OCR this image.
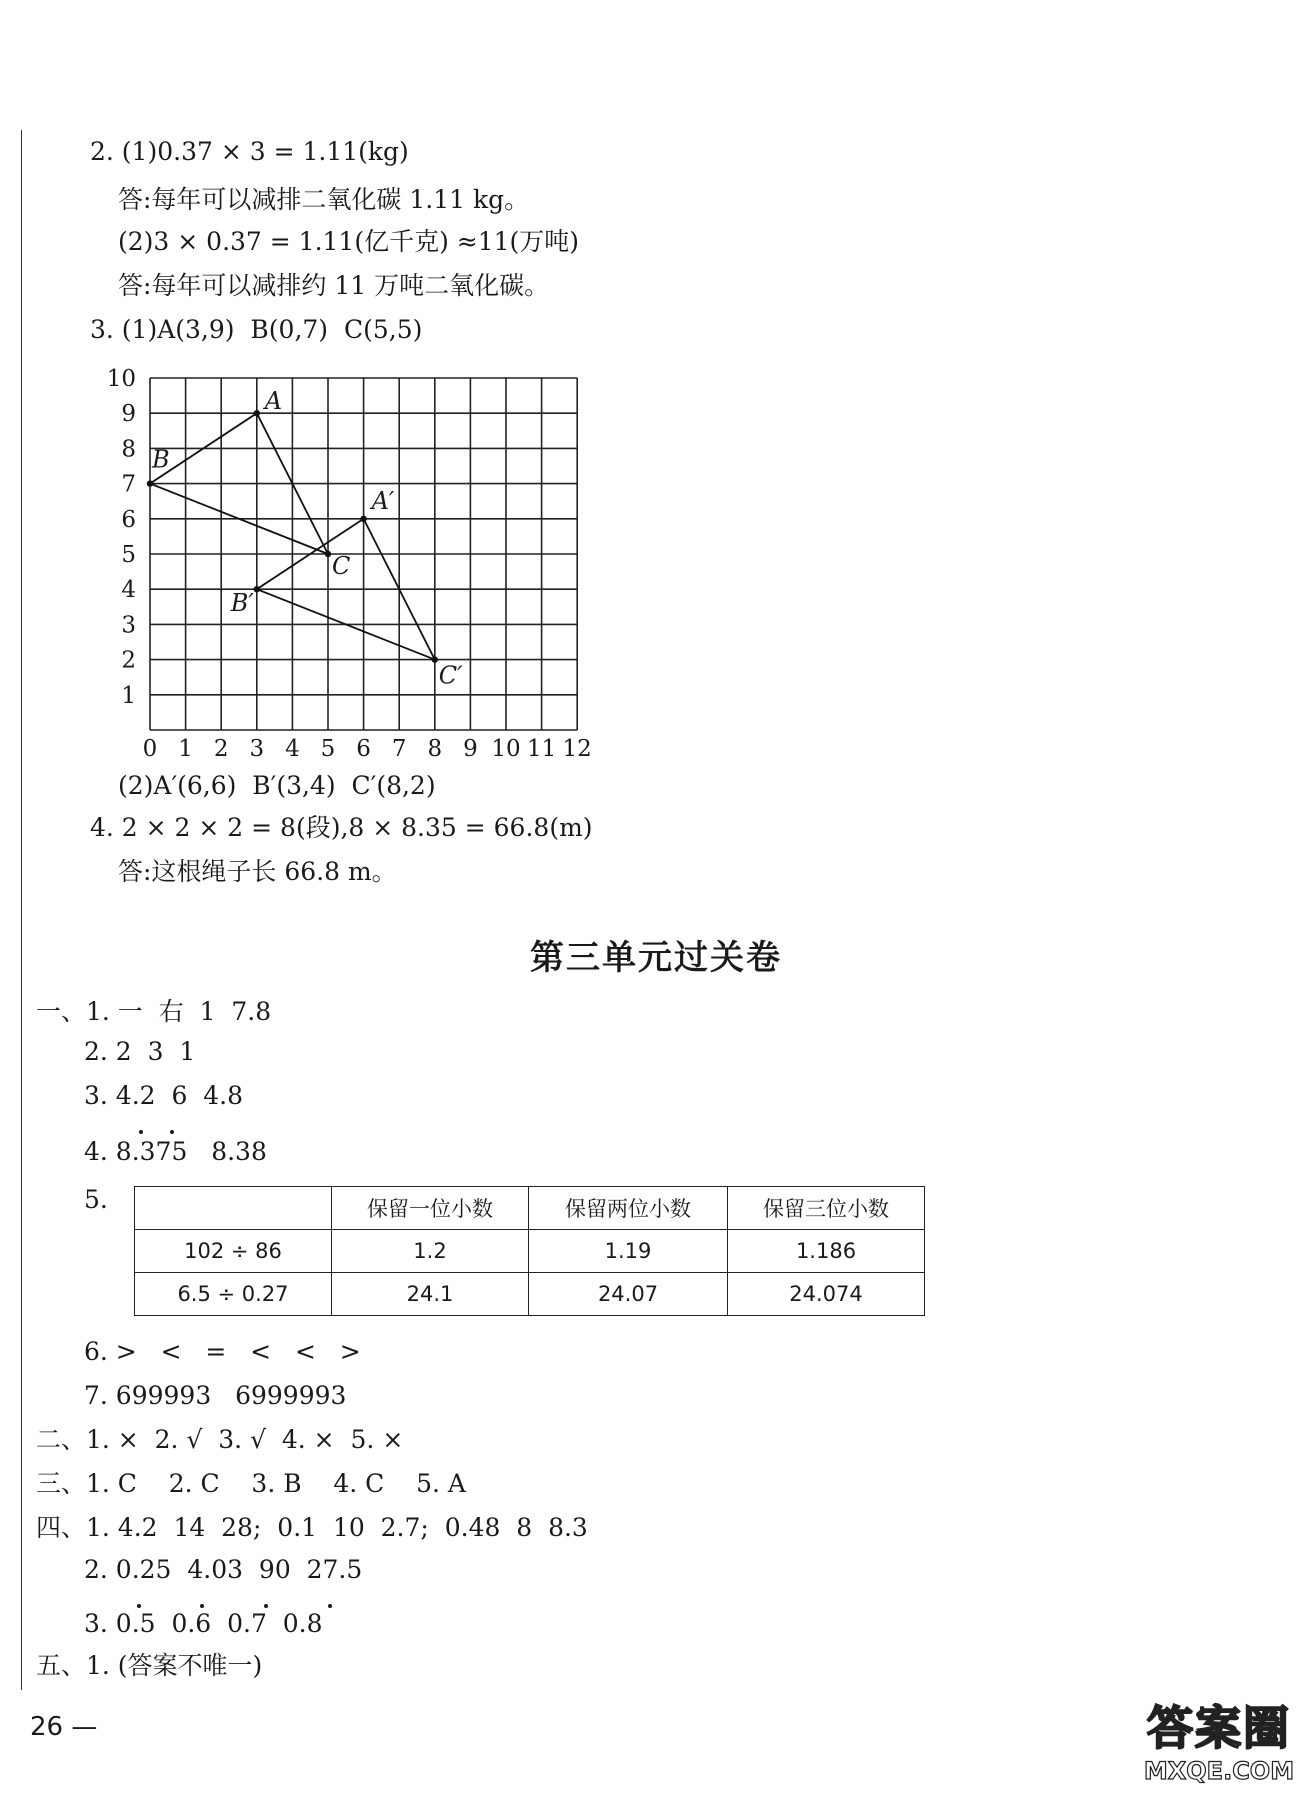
2. (1)0.37 × 3 = 1.11(kg)
答:每年可以减排二氧化碳 1.11 kg。
(2)3 × 0.37 = 1.11(亿千克) ≈11(万吨)
答:每年可以减排约 11 万吨二氧化碳。
3. (1)A(3,9)  B(0,7)  C(5,5)
0 1 2 3 4 5 6 7 8 9 10 11 12
1
2
3
4
5
6
7
8
9
10
A
B
C
A′
B′
C′
(2)A′(6,6)  B′(3,4)  C′(8,2)
4. 2 × 2 × 2 = 8(段),8 × 8.35 = 66.8(m)
答:这根绳子长 66.8 m。
第三单元过关卷
一、1. 一  右  1  7.8
2. 2  3  1
3. 4.2  6  4.8
4. 8.375   8.38
5.
		保留一位小数	保留两位小数	保留三位小数
102 ÷ 86	1.2	1.19	1.186
6.5 ÷ 0.27	24.1	24.07	24.074
6. >   <   =   <   <   >
7. 699993   6999993
二、1. ×  2. √  3. √  4. ×  5. ×
三、1. C    2. C    3. B    4. C    5. A
四、1. 4.2  14  28;  0.1  10  2.7;  0.48  8  8.3
2. 0.25  4.03  90  27.5
3. 0.5  0.6  0.7  0.8
五、1. (答案不唯一)
26 —	答案圈
MXQE.COM
